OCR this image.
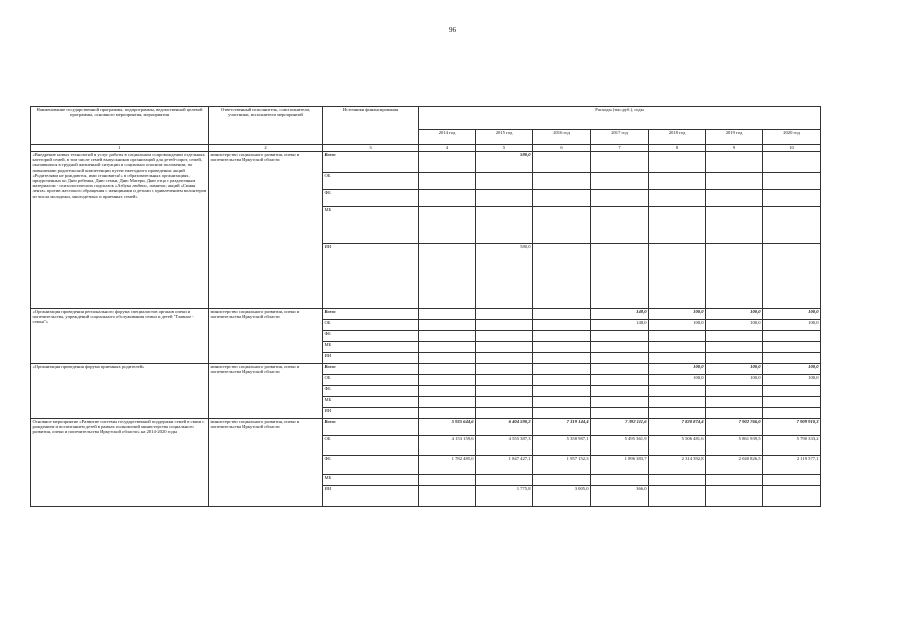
96
Наименование государственной программы, подпрограммы, ведомственной целевой программы, основного мероприятия, мероприятия	Ответственный исполнитель, соисполнители, участники, исполнители мероприятий	Источники финансирования	Расходы (тыс.руб.), годы						
			2014 год	2015 год	2016 год	2017 год	2018 год	2019 год	2020 год
1	2	3	4	5	6	7	8	9	10
«Внедрение новых технологий в услуг работы в социальном сопровождении отдельных категорий семей, в том числе семей выпускников организаций для детей-сирот, семей, оказавшихся в трудной жизненной ситуации и социально опасном положении, по повышению родительской компетенции путем ежегодного проведения: акций «Родителями не рождаются, ими становятся!» в образовательных организациях, приуроченных ко Дню ребенка, Дню семьи, Дню Матери, Дню отца с раздаточным материалом - психологических подсказок «Азбука любви», памяток; акций «Синяя лента» против жестокого обращения с женщинами и детьми с привлечением волонтеров из числа молодежи, многодетных и приемных семей»	министерство социального развития, опеки и попечительства Иркутской области	Всего		580,0					
		ОБ							
		ФБ							
		МБ							
		ИИ		580,0					
«Организация проведения регионального форума специалистов органов опеки и попечительства, учреждений социального обслуживания семьи и детей "Главное - семья"»	министерство социального развития, опеки и попечительства Иркутской области	Всего				148,0	100,0	100,0	100,0
		ОБ				148,0	100,0	100,0	100,0
		ФБ							
		МБ							
		ИИ							
«Организация проведения форума приемных родителей»	министерство социального развития, опеки и попечительства Иркутской области	Всего					100,0	100,0	100,0
		ОБ					100,0	100,0	100,0
		ФБ							
		МБ							
		ИИ							
Основное мероприятие «Развитие системы государственной поддержки семей в связи с рождением и воспитанием детей в рамках полномочий министерства социального развития, опеки и попечительства Иркутской области» на 2014-2020 годы	министерство социального развития, опеки и попечительства Иркутской области	Всего	5 935 644,6	6 404 590,2	7 319 144,4	7 392 111,6	7 820 874,4	7 902 766,0	7 909 910,3
		ОБ	4 153 159,6	4 555 387,3	5 358 987,1	5 495 361,9	5 506 481,6	5 861 939,5	5 790 333,2
		ФБ	1 782 485,0	1 847 427,1	1 957 152,3	1 896 383,7	2 314 392,8	2 040 826,5	2 119 577,1
		МБ							
		ИИ		1 775,8	3 005,0	366,0			
